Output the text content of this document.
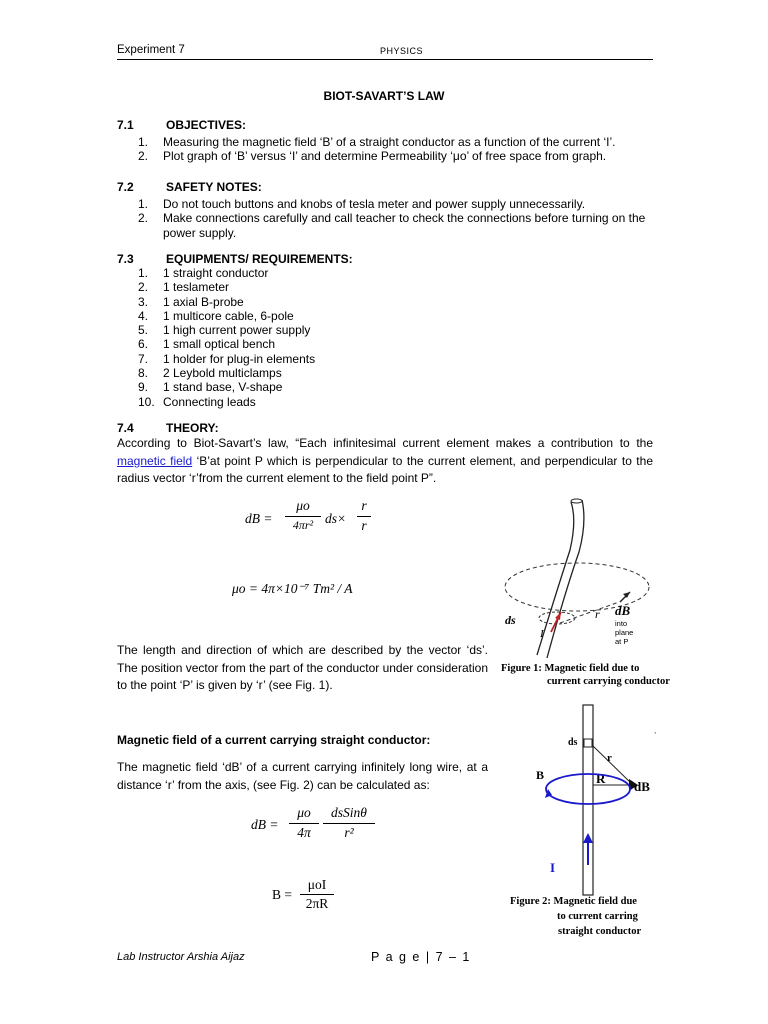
Experiment 7	PHYSICS
BIOT-SAVART’S LAW
7.1	OBJECTIVES:
1. Measuring the magnetic field ‘B’ of a straight conductor as a function of the current ‘I’.
2. Plot graph of ‘B’ versus ‘I’ and determine Permeability ‘μo’ of free space from graph.
7.2	SAFETY NOTES:
1. Do not touch buttons and knobs of tesla meter and power supply unnecessarily.
2. Make connections carefully and call teacher to check the connections before turning on the power supply.
7.3	EQUIPMENTS/ REQUIREMENTS:
1. 1 straight conductor
2. 1 teslameter
3. 1 axial B-probe
4. 1 multicore cable, 6-pole
5. 1 high current power supply
6. 1 small optical bench
7. 1 holder for plug-in elements
8. 2 Leybold multiclamps
9. 1 stand base, V-shape
10. Connecting leads
7.4	THEORY:
According to Biot-Savart’s law, “Each infinitesimal current element makes a contribution to the magnetic field ‘B’at point P which is perpendicular to the current element, and perpendicular to the radius vector ‘r’from the current element to the field point P”.
dB =
μo
4πr² ds×
r
r
μo = 4π×10⁻⁷ Tm² / A
The length and direction of which are described by the vector ‘ds’. The position vector from the part of the conductor under consideration to the point ‘P’ is given by ‘r’ (see Fig. 1).
Magnetic field of a current carrying straight conductor:
The magnetic field ‘dB’ of a current carrying infinitely long wire, at a distance ‘r’ from the axis, (see Fig. 2) can be calculated as:
dB =
μo
4π
dsSinθ
r²
B =
μoI
2πR
ds
I
r dB
into
plane
at P
Figure 1: Magnetic field due to
current carrying conductor
ds
r
R
dB
B
I
,
Figure 2: Magnetic field due
to current carring
straight conductor
Lab Instructor Arshia Aijaz	P a g e | 7 – 1
